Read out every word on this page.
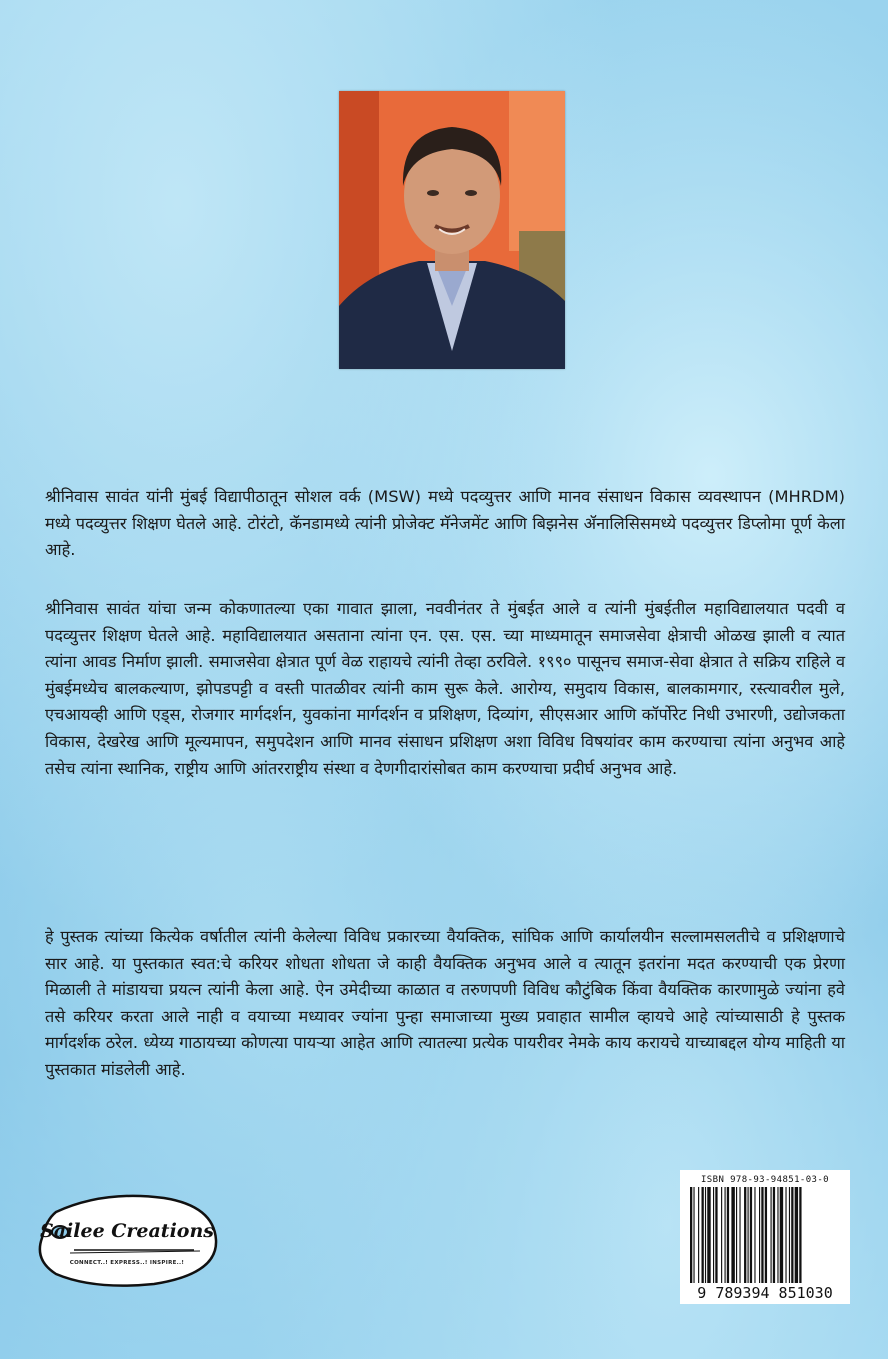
श्रीनिवास सावंत यांनी मुंबई विद्यापीठातून सोशल वर्क (MSW) मध्ये पदव्युत्तर आणि मानव संसाधन विकास व्यवस्थापन (MHRDM) मध्ये पदव्युत्तर शिक्षण घेतले आहे. टोरंटो, कॅनडामध्ये त्यांनी प्रोजेक्ट मॅनेजमेंट आणि बिझनेस ॲनालिसिसमध्ये पदव्युत्तर डिप्लोमा पूर्ण केला आहे.

श्रीनिवास सावंत यांचा जन्म कोकणातल्या एका गावात झाला, नववीनंतर ते मुंबईत आले व त्यांनी मुंबईतील महाविद्यालयात पदवी व पदव्युत्तर शिक्षण घेतले आहे. महाविद्यालयात असताना त्यांना एन. एस. एस. च्या माध्यमातून समाजसेवा क्षेत्राची ओळख झाली व त्यात त्यांना आवड निर्माण झाली. समाजसेवा क्षेत्रात पूर्ण वेळ राहायचे त्यांनी तेव्हा ठरविले. १९९० पासूनच समाज-सेवा क्षेत्रात ते सक्रिय राहिले व मुंबईमध्येच बालकल्याण, झोपडपट्टी व वस्ती पातळीवर त्यांनी काम सुरू केले. आरोग्य, समुदाय विकास, बालकामगार, रस्त्यावरील मुले, एचआयव्ही आणि एड्स, रोजगार मार्गदर्शन, युवकांना मार्गदर्शन व प्रशिक्षण, दिव्यांग, सीएसआर आणि कॉर्पोरेट निधी उभारणी, उद्योजकता विकास, देखरेख आणि मूल्यमापन, समुपदेशन आणि मानव संसाधन प्रशिक्षण अशा विविध विषयांवर काम करण्याचा त्यांना अनुभव आहे तसेच त्यांना स्थानिक, राष्ट्रीय आणि आंतरराष्ट्रीय संस्था व देणगीदारांसोबत काम करण्याचा प्रदीर्घ अनुभव आहे.

हे पुस्तक त्यांच्या कित्येक वर्षातील त्यांनी केलेल्या विविध प्रकारच्या वैयक्तिक, सांघिक आणि कार्यालयीन सल्लामसलतीचे व प्रशिक्षणाचे सार आहे. या पुस्तकात स्वत:चे करियर शोधता शोधता जे काही वैयक्तिक अनुभव आले व त्यातून इतरांना मदत करण्याची एक प्रेरणा मिळाली ते मांडायचा प्रयत्न त्यांनी केला आहे. ऐन उमेदीच्या काळात व तरुणपणी विविध कौटुंबिक किंवा वैयक्तिक कारणामुळे ज्यांना हवे तसे करियर करता आले नाही व वयाच्या मध्यावर ज्यांना पुन्हा समाजाच्या मुख्य प्रवाहात सामील व्हायचे आहे त्यांच्यासाठी हे पुस्तक मार्गदर्शक ठरेल. ध्येय्य गाठायच्या कोणत्या पायऱ्या आहेत आणि त्यातल्या प्रत्येक पायरीवर नेमके काय करायचे याच्याबद्दल योग्य माहिती या पुस्तकात मांडलेली आहे.

Sailee Creations
CONNECT..! EXPRESS..! INSPIRE..!
ISBN 978-93-94851-03-0
9 789394 851030
